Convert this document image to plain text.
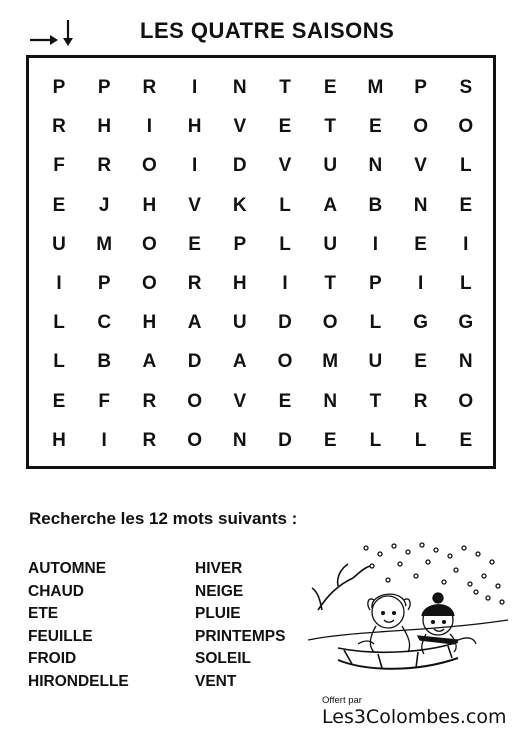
LES QUATRE SAISONS
P	P	R	I	N	T	E	M	P	S
R	H	I	H	V	E	T	E	O	O
F	R	O	I	D	V	U	N	V	L
E	J	H	V	K	L	A	B	N	E
U	M	O	E	P	L	U	I	E	I
I	P	O	R	H	I	T	P	I	L
L	C	H	A	U	D	O	L	G	G
L	B	A	D	A	O	M	U	E	N
E	F	R	O	V	E	N	T	R	O
H	I	R	O	N	D	E	L	L	E
Recherche les 12 mots suivants :
AUTOMNE
CHAUD
ETE
FEUILLE
FROID
HIRONDELLE
HIVER
NEIGE
PLUIE
PRINTEMPS
SOLEIL
VENT
Offert par
Les3Colombes.com
